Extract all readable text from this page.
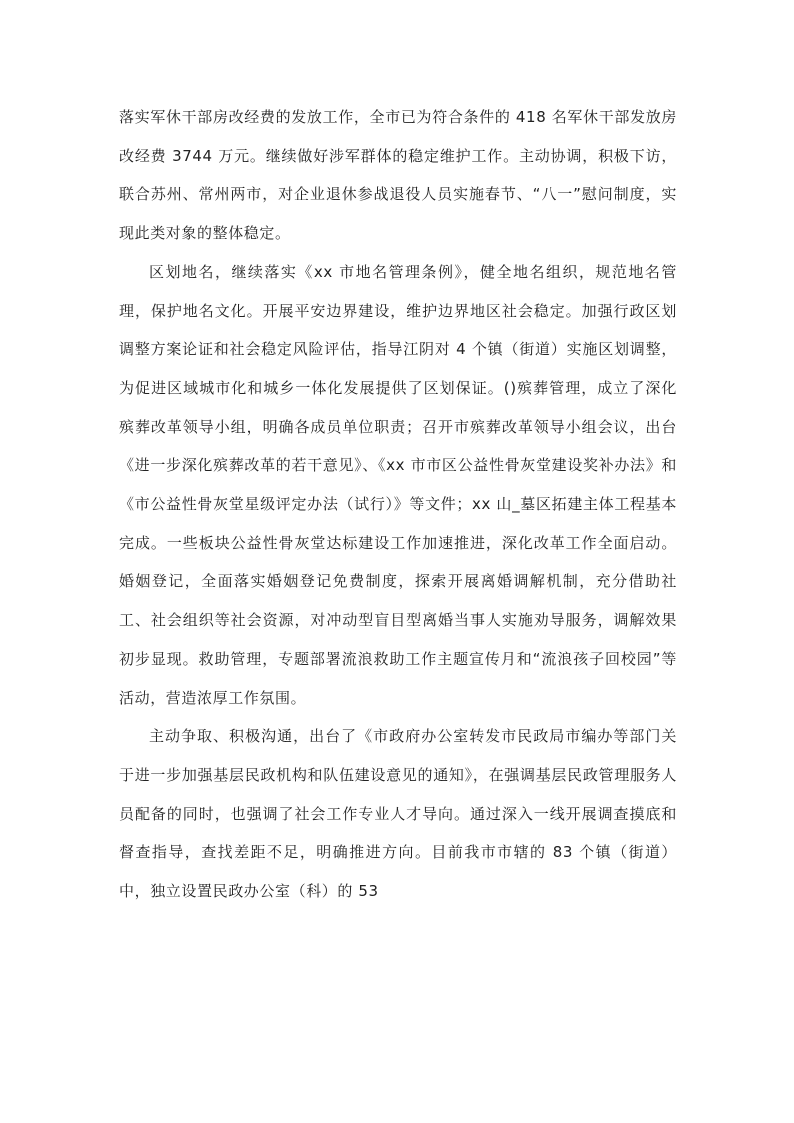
落实军休干部房改经费的发放工作，全市已为符合条件的 418 名军休干部发放房改经费 3744 万元。继续做好涉军群体的稳定维护工作。主动协调，积极下访，联合苏州、常州两市，对企业退休参战退役人员实施春节、“八一”慰问制度，实现此类对象的整体稳定。

区划地名，继续落实《xx 市地名管理条例》，健全地名组织，规范地名管理，保护地名文化。开展平安边界建设，维护边界地区社会稳定。加强行政区划调整方案论证和社会稳定风险评估，指导江阴对 4 个镇（街道）实施区划调整，为促进区域城市化和城乡一体化发展提供了区划保证。()殡葬管理，成立了深化殡葬改革领导小组，明确各成员单位职责；召开市殡葬改革领导小组会议，出台《进一步深化殡葬改革的若干意见》、《xx 市市区公益性骨灰堂建设奖补办法》和《市公益性骨灰堂星级评定办法（试行）》等文件；xx 山_墓区拓建主体工程基本完成。一些板块公益性骨灰堂达标建设工作加速推进，深化改革工作全面启动。婚姻登记，全面落实婚姻登记免费制度，探索开展离婚调解机制，充分借助社工、社会组织等社会资源，对冲动型盲目型离婚当事人实施劝导服务，调解效果初步显现。救助管理，专题部署流浪救助工作主题宣传月和“流浪孩子回校园”等活动，营造浓厚工作氛围。

主动争取、积极沟通，出台了《市政府办公室转发市民政局市编办等部门关于进一步加强基层民政机构和队伍建设意见的通知》，在强调基层民政管理服务人员配备的同时，也强调了社会工作专业人才导向。通过深入一线开展调查摸底和督查指导，查找差距不足，明确推进方向。目前我市市辖的 83 个镇（街道）中，独立设置民政办公室（科）的 53
